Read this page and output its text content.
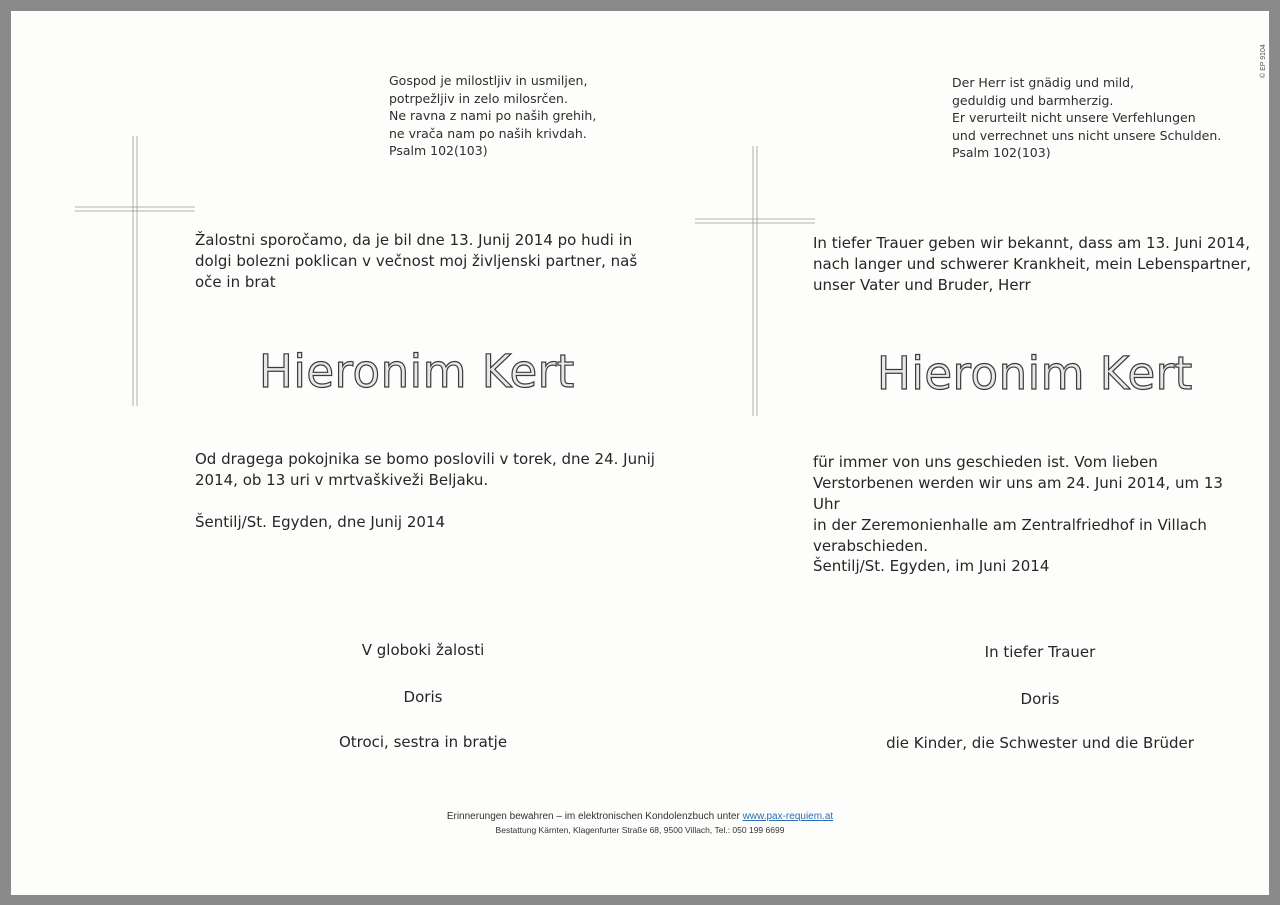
© EP 9104
Gospod je milostljiv in usmiljen,
potrpežljiv in zelo milosrčen.
Ne ravna z nami po naših grehih,
ne vrača nam po naših krivdah.
Psalm 102(103)
Žalostni sporočamo, da je bil dne 13. Junij 2014 po hudi in
dolgi bolezni poklican v večnost moj življenski partner, naš
oče in brat
Hieronim Kert
Od dragega pokojnika se bomo poslovili v torek, dne 24. Junij
2014, ob 13 uri v mrtvaškiveži Beljaku.
Šentilj/St. Egyden, dne Junij 2014
V globoki žalosti
Doris
Otroci, sestra in bratje
Der Herr ist gnädig und mild,
geduldig und barmherzig.
Er verurteilt nicht unsere Verfehlungen
und verrechnet uns nicht unsere Schulden.
Psalm 102(103)
In tiefer Trauer geben wir bekannt, dass am 13. Juni 2014,
nach langer und schwerer Krankheit, mein Lebenspartner,
unser Vater und Bruder, Herr
Hieronim Kert
für immer von uns geschieden ist. Vom lieben
Verstorbenen werden wir uns am 24. Juni 2014, um 13 Uhr
in der Zeremonienhalle am Zentralfriedhof in Villach
verabschieden.
Šentilj/St. Egyden, im Juni 2014
In tiefer Trauer
Doris
die Kinder, die Schwester und die Brüder
Erinnerungen bewahren – im elektronischen Kondolenzbuch unter www.pax-requiem.at
Bestattung Kärnten, Klagenfurter Straße 68, 9500 Villach, Tel.: 050 199 6699
